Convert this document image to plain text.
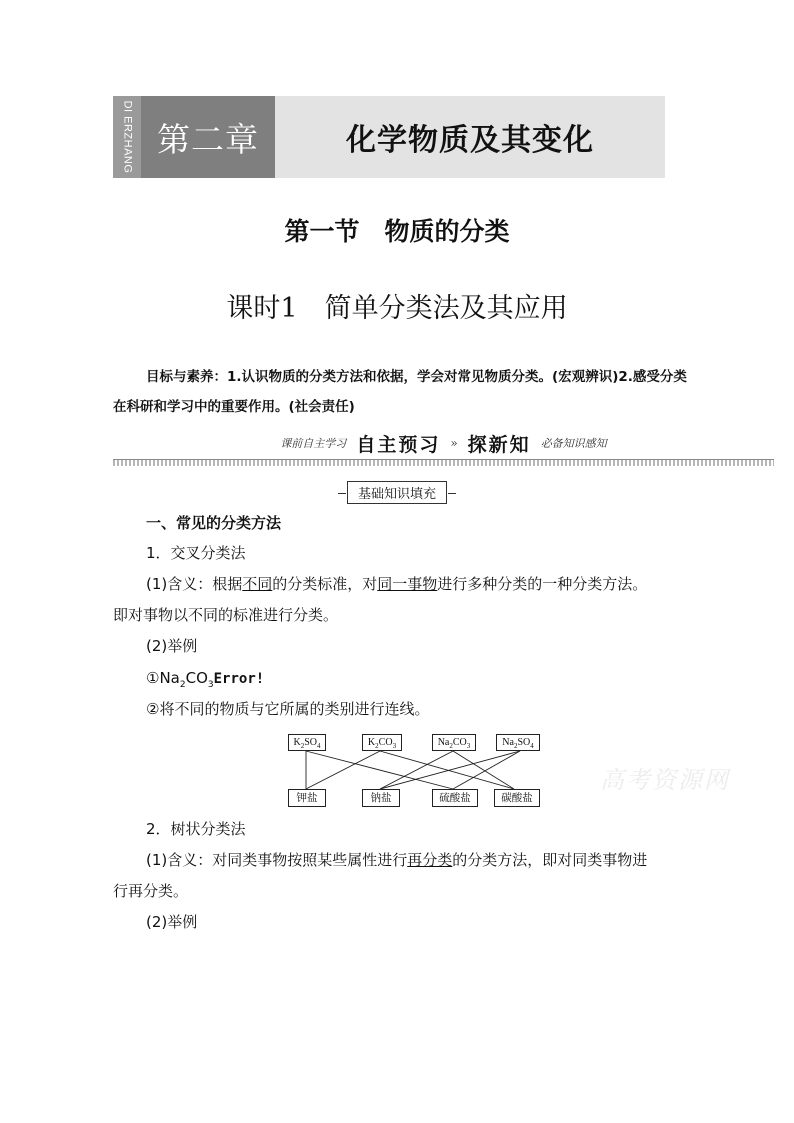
DI ERZHANG 第二章	化学物质及其变化
第一节　物质的分类
课时1　简单分类法及其应用
目标与素养：1.认识物质的分类方法和依据，学会对常见物质分类。(宏观辨识)2.感受分类在科研和学习中的重要作用。(社会责任)
课前自主学习 自主预习 » 探新知 必备知识感知
基础知识填充
一、常见的分类方法
1．交叉分类法
(1)含义：根据不同的分类标准，对同一事物进行多种分类的一种分类方法。
即对事物以不同的标准进行分类。
(2)举例
$①Na_2CO_3Error$!
②将不同的物质与它所属的类别进行连线。
$K_2SO_4$	$K_2CO_3$	$Na_2CO_3$	$Na_2SO_4$
钾盐	钠盐	硫酸盐	碳酸盐
高考资源网
2．树状分类法
(1)含义：对同类事物按照某些属性进行再分类的分类方法，即对同类事物进
行再分类。
(2)举例
